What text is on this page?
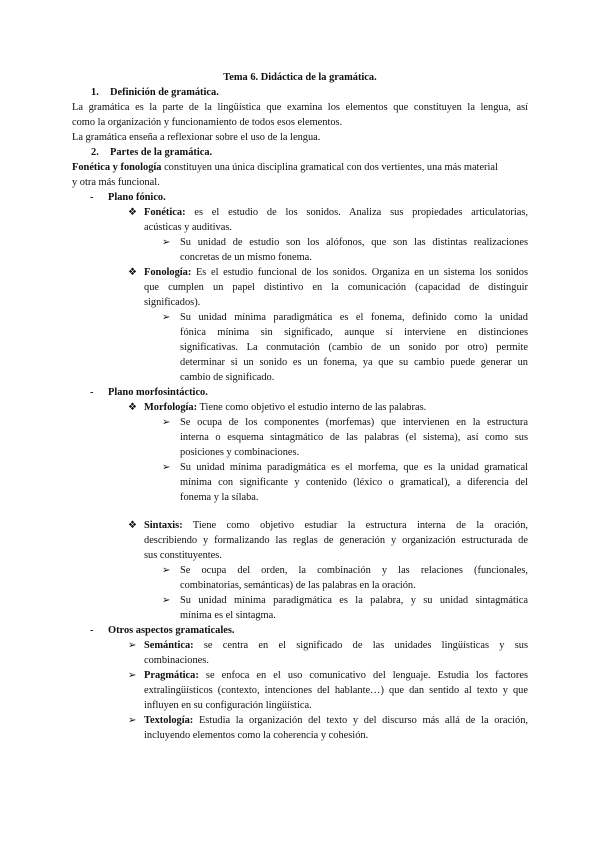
Tema 6. Didáctica de la gramática.
1. Definición de gramática.
La gramática es la parte de la lingüística que examina los elementos que constituyen la lengua, así
como la organización y funcionamiento de todos esos elementos.
La gramática enseña a reflexionar sobre el uso de la lengua.
2. Partes de la gramática.
Fonética y fonología constituyen una única disciplina gramatical con dos vertientes, una más material
y otra más funcional.
- Plano fónico.
❖ Fonética: es el estudio de los sonidos. Analiza sus propiedades articulatorias,
acústicas y auditivas.
➢ Su unidad de estudio son los alófonos, que son las distintas realizaciones
concretas de un mismo fonema.
❖ Fonología: Es el estudio funcional de los sonidos. Organiza en un sistema los sonidos
que cumplen un papel distintivo en la comunicación (capacidad de distinguir
significados).
➢ Su unidad mínima paradigmática es el fonema, definido como la unidad
fónica mínima sin significado, aunque sí interviene en distinciones
significativas. La conmutación (cambio de un sonido por otro) permite
determinar si un sonido es un fonema, ya que su cambio puede generar un
cambio de significado.
- Plano morfosintáctico.
❖ Morfología: Tiene como objetivo el estudio interno de las palabras.
➢ Se ocupa de los componentes (morfemas) que intervienen en la estructura
interna o esquema sintagmático de las palabras (el sistema), así como sus
posiciones y combinaciones.
➢ Su unidad mínima paradigmática es el morfema, que es la unidad gramatical
mínima con significante y contenido (léxico o gramatical), a diferencia del
fonema y la sílaba.
❖ Sintaxis: Tiene como objetivo estudiar la estructura interna de la oración,
describiendo y formalizando las reglas de generación y organización estructurada de
sus constituyentes.
➢ Se ocupa del orden, la combinación y las relaciones (funcionales,
combinatorias, semánticas) de las palabras en la oración.
➢ Su unidad mínima paradigmática es la palabra, y su unidad sintagmática
mínima es el sintagma.
- Otros aspectos gramaticales.
➢ Semántica: se centra en el significado de las unidades lingüísticas y sus
combinaciones.
➢ Pragmática: se enfoca en el uso comunicativo del lenguaje. Estudia los factores
extralingüísticos (contexto, intenciones del hablante…) que dan sentido al texto y que
influyen en su configuración lingüística.
➢ Textología: Estudia la organización del texto y del discurso más allá de la oración,
incluyendo elementos como la coherencia y cohesión.
